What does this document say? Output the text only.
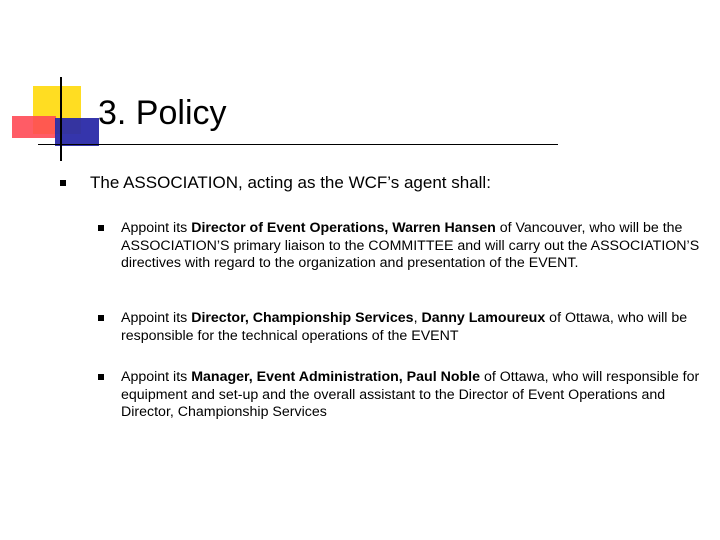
3. Policy
The ASSOCIATION, acting as the WCF’s agent shall:
Appoint its Director of Event Operations, Warren Hansen of Vancouver, who will be the ASSOCIATION’S primary liaison to the COMMITTEE and will carry out the ASSOCIATION’S directives with regard to the organization and presentation of the EVENT.
Appoint its Director, Championship Services, Danny Lamoureux of Ottawa, who will be responsible for the technical operations of the EVENT
Appoint its Manager, Event Administration, Paul Noble of Ottawa, who will responsible for equipment and set-up and the overall assistant to the Director of Event Operations and Director, Championship Services
